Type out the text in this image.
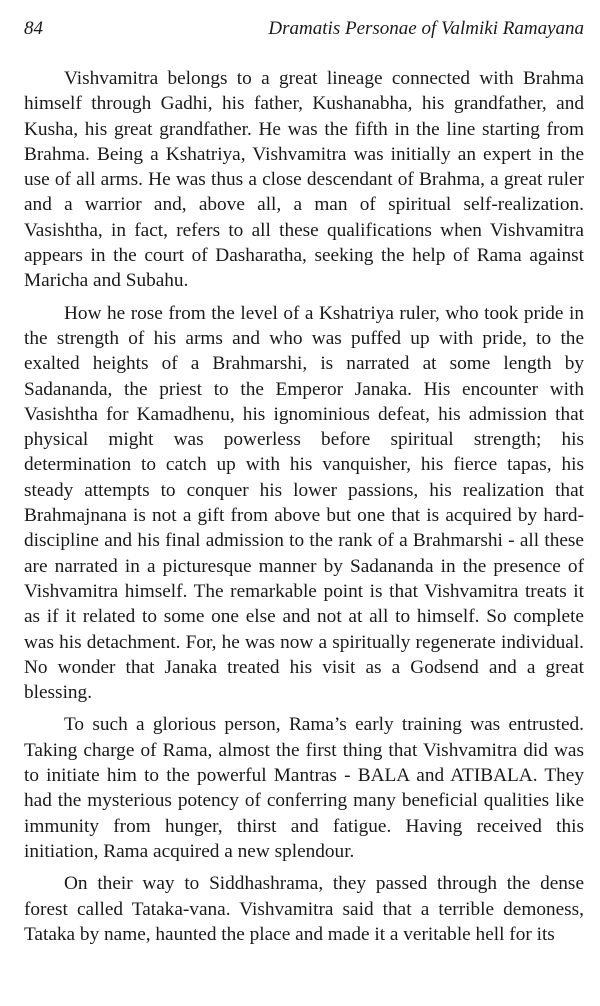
84	Dramatis Personae of Valmiki Ramayana

Vishvamitra belongs to a great lineage connected with Brahma himself through Gadhi, his father, Kushanabha, his grandfather, and Kusha, his great grandfather. He was the fifth in the line starting from Brahma. Being a Kshatriya, Vishvamitra was initially an expert in the use of all arms. He was thus a close descendant of Brahma, a great ruler and a warrior and, above all, a man of spiritual self-realization. Vasishtha, in fact, refers to all these qualifications when Vishvamitra appears in the court of Dasharatha, seeking the help of Rama against Maricha and Subahu.

How he rose from the level of a Kshatriya ruler, who took pride in the strength of his arms and who was puffed up with pride, to the exalted heights of a Brahmarshi, is narrated at some length by Sadananda, the priest to the Emperor Janaka. His encounter with Vasishtha for Kamadhenu, his ignominious defeat, his admission that physical might was powerless before spiritual strength; his determination to catch up with his vanquisher, his fierce tapas, his steady attempts to conquer his lower passions, his realization that Brahmajnana is not a gift from above but one that is acquired by hard-discipline and his final admission to the rank of a Brahmarshi - all these are narrated in a picturesque manner by Sadananda in the presence of Vishvamitra himself. The remarkable point is that Vishvamitra treats it as if it related to some one else and not at all to himself. So complete was his detachment. For, he was now a spiritually regenerate individual. No wonder that Janaka treated his visit as a Godsend and a great blessing.

To such a glorious person, Rama’s early training was entrusted. Taking charge of Rama, almost the first thing that Vishvamitra did was to initiate him to the powerful Mantras - BALA and ATIBALA. They had the mysterious potency of conferring many beneficial qualities like immunity from hunger, thirst and fatigue. Having received this initiation, Rama acquired a new splendour.

On their way to Siddhashrama, they passed through the dense forest called Tataka-vana. Vishvamitra said that a terrible demoness, Tataka by name, haunted the place and made it a veritable hell for its
